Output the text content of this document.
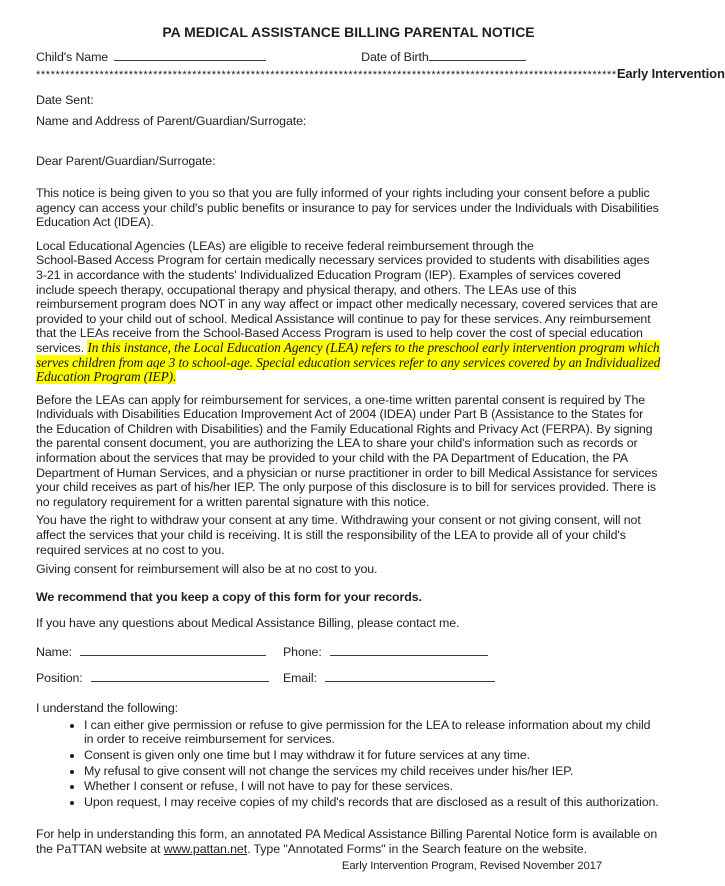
PA MEDICAL ASSISTANCE BILLING PARENTAL NOTICE
Child's Name	Date of Birth
*********************************************************************************************************************** Early Intervention

Date Sent:

Name and Address of Parent/Guardian/Surrogate:

Dear Parent/Guardian/Surrogate:

This notice is being given to you so that you are fully informed of your rights including your consent before a public agency can access your child's public benefits or insurance to pay for services under the Individuals with Disabilities Education Act (IDEA).

Local Educational Agencies (LEAs) are eligible to receive federal reimbursement through the
School-Based Access Program for certain medically necessary services provided to students with disabilities ages 3-21 in accordance with the students' Individualized Education Program (IEP). Examples of services covered include speech therapy, occupational therapy and physical therapy, and others. The LEAs use of this reimbursement program does NOT in any way affect or impact other medically necessary, covered services that are provided to your child out of school. Medical Assistance will continue to pay for these services. Any reimbursement that the LEAs receive from the School-Based Access Program is used to help cover the cost of special education services. In this instance, the Local Education Agency (LEA) refers to the preschool early intervention program which serves children from age 3 to school-age. Special education services refer to any services covered by an Individualized Education Program (IEP).

Before the LEAs can apply for reimbursement for services, a one-time written parental consent is required by The Individuals with Disabilities Education Improvement Act of 2004 (IDEA) under Part B (Assistance to the States for the Education of Children with Disabilities) and the Family Educational Rights and Privacy Act (FERPA). By signing the parental consent document, you are authorizing the LEA to share your child's information such as records or information about the services that may be provided to your child with the PA Department of Education, the PA Department of Human Services, and a physician or nurse practitioner in order to bill Medical Assistance for services your child receives as part of his/her IEP. The only purpose of this disclosure is to bill for services provided. There is no regulatory requirement for a written parental signature with this notice.

You have the right to withdraw your consent at any time. Withdrawing your consent or not giving consent, will not affect the services that your child is receiving. It is still the responsibility of the LEA to provide all of your child's required services at no cost to you.

Giving consent for reimbursement will also be at no cost to you.

We recommend that you keep a copy of this form for your records.

If you have any questions about Medical Assistance Billing, please contact me.

Name:	Phone:
Position:	Email:

I understand the following:

• I can either give permission or refuse to give permission for the LEA to release information about my child in order to receive reimbursement for services.
• Consent is given only one time but I may withdraw it for future services at any time.
• My refusal to give consent will not change the services my child receives under his/her IEP.
• Whether I consent or refuse, I will not have to pay for these services.
• Upon request, I may receive copies of my child's records that are disclosed as a result of this authorization.

For help in understanding this form, an annotated PA Medical Assistance Billing Parental Notice form is available on the PaTTAN website at www.pattan.net. Type "Annotated Forms" in the Search feature on the website.

Early Intervention Program, Revised November 2017
